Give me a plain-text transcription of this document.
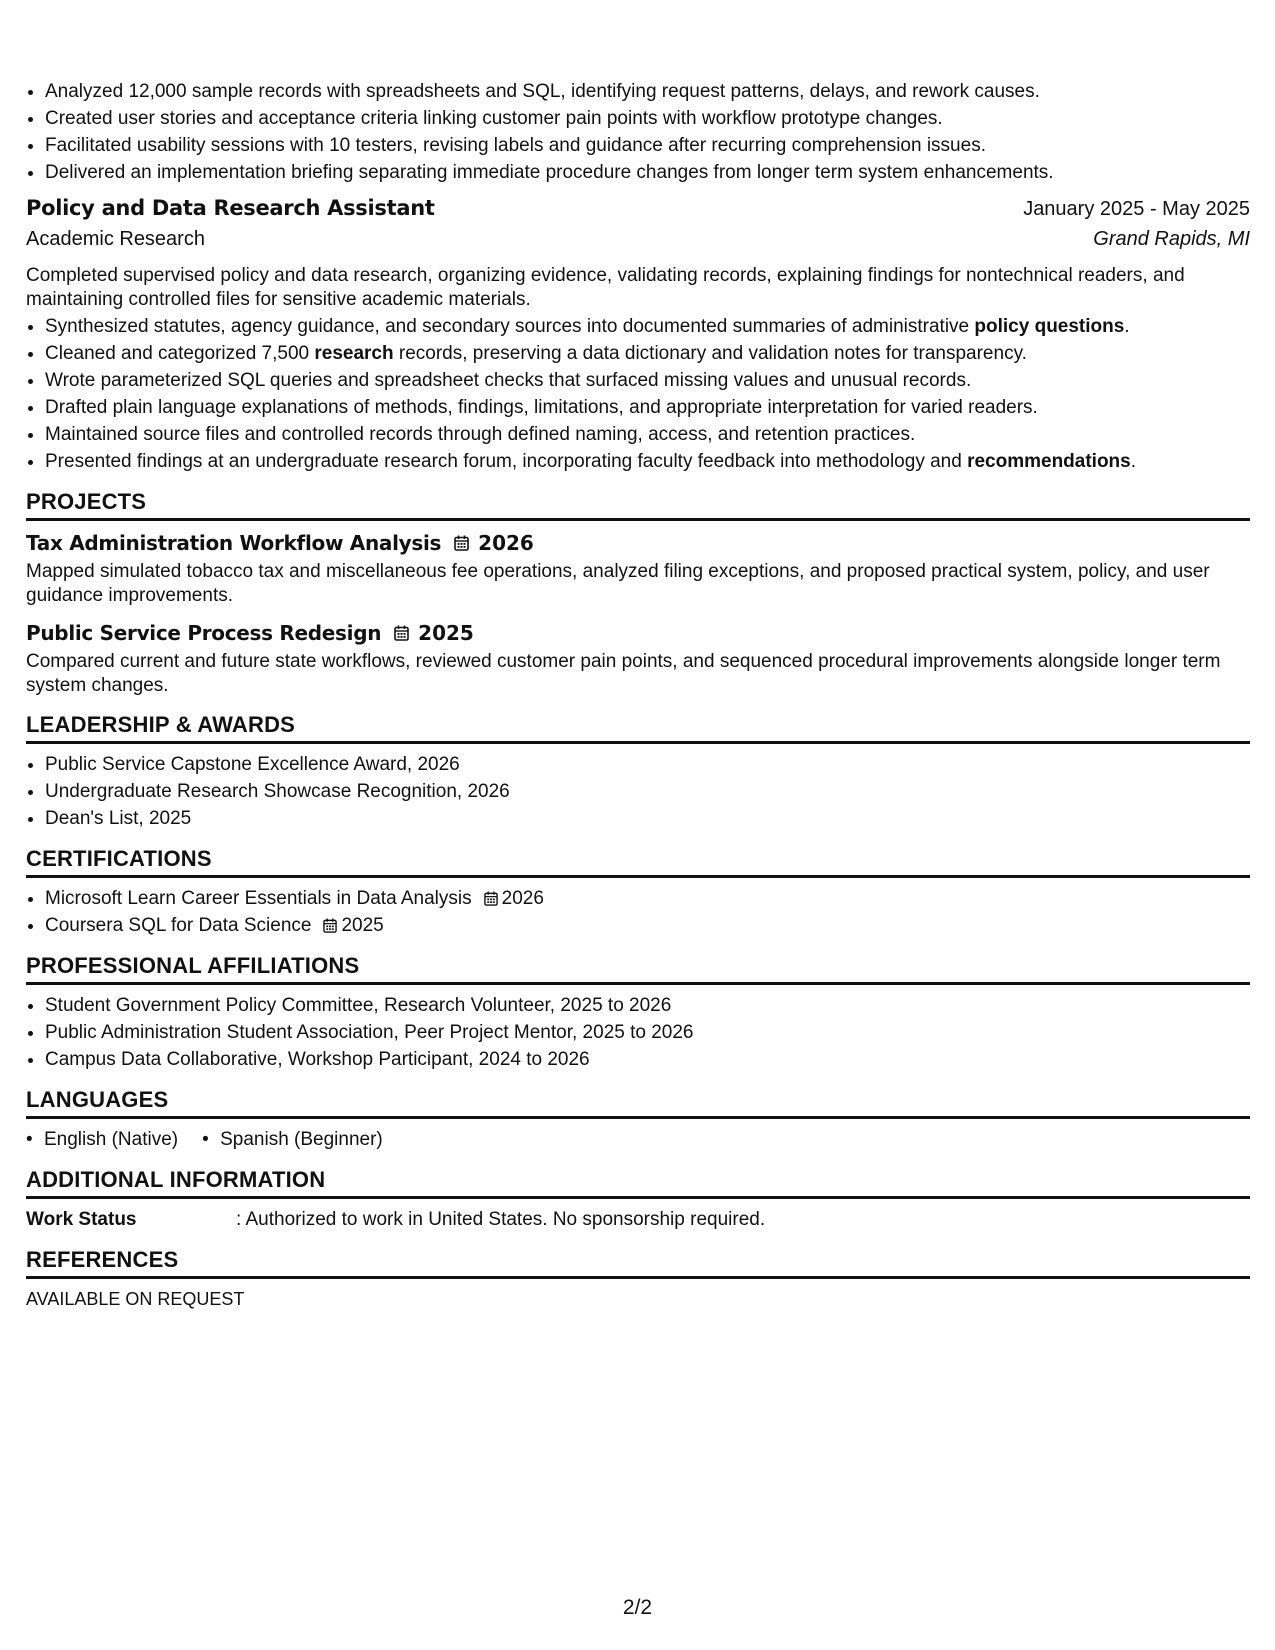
• Analyzed 12,000 sample records with spreadsheets and SQL, identifying request patterns, delays, and rework causes.
• Created user stories and acceptance criteria linking customer pain points with workflow prototype changes.
• Facilitated usability sessions with 10 testers, revising labels and guidance after recurring comprehension issues.
• Delivered an implementation briefing separating immediate procedure changes from longer term system enhancements.
Policy and Data Research Assistant	January 2025 - May 2025
Academic Research	Grand Rapids, MI
Completed supervised policy and data research, organizing evidence, validating records, explaining findings for nontechnical readers, and maintaining controlled files for sensitive academic materials.
• Synthesized statutes, agency guidance, and secondary sources into documented summaries of administrative policy questions.
• Cleaned and categorized 7,500 research records, preserving a data dictionary and validation notes for transparency.
• Wrote parameterized SQL queries and spreadsheet checks that surfaced missing values and unusual records.
• Drafted plain language explanations of methods, findings, limitations, and appropriate interpretation for varied readers.
• Maintained source files and controlled records through defined naming, access, and retention practices.
• Presented findings at an undergraduate research forum, incorporating faculty feedback into methodology and recommendations.
PROJECTS
Tax Administration Workflow Analysis 2026
Mapped simulated tobacco tax and miscellaneous fee operations, analyzed filing exceptions, and proposed practical system, policy, and user guidance improvements.
Public Service Process Redesign 2025
Compared current and future state workflows, reviewed customer pain points, and sequenced procedural improvements alongside longer term system changes.
LEADERSHIP & AWARDS
• Public Service Capstone Excellence Award, 2026
• Undergraduate Research Showcase Recognition, 2026
• Dean's List, 2025
CERTIFICATIONS
• Microsoft Learn Career Essentials in Data Analysis 2026
• Coursera SQL for Data Science 2025
PROFESSIONAL AFFILIATIONS
• Student Government Policy Committee, Research Volunteer, 2025 to 2026
• Public Administration Student Association, Peer Project Mentor, 2025 to 2026
• Campus Data Collaborative, Workshop Participant, 2024 to 2026
LANGUAGES
• English (Native)
•	Spanish (Beginner)
ADDITIONAL INFORMATION
Work Status	: Authorized to work in United States. No sponsorship required.
REFERENCES
AVAILABLE ON REQUEST
2/2
